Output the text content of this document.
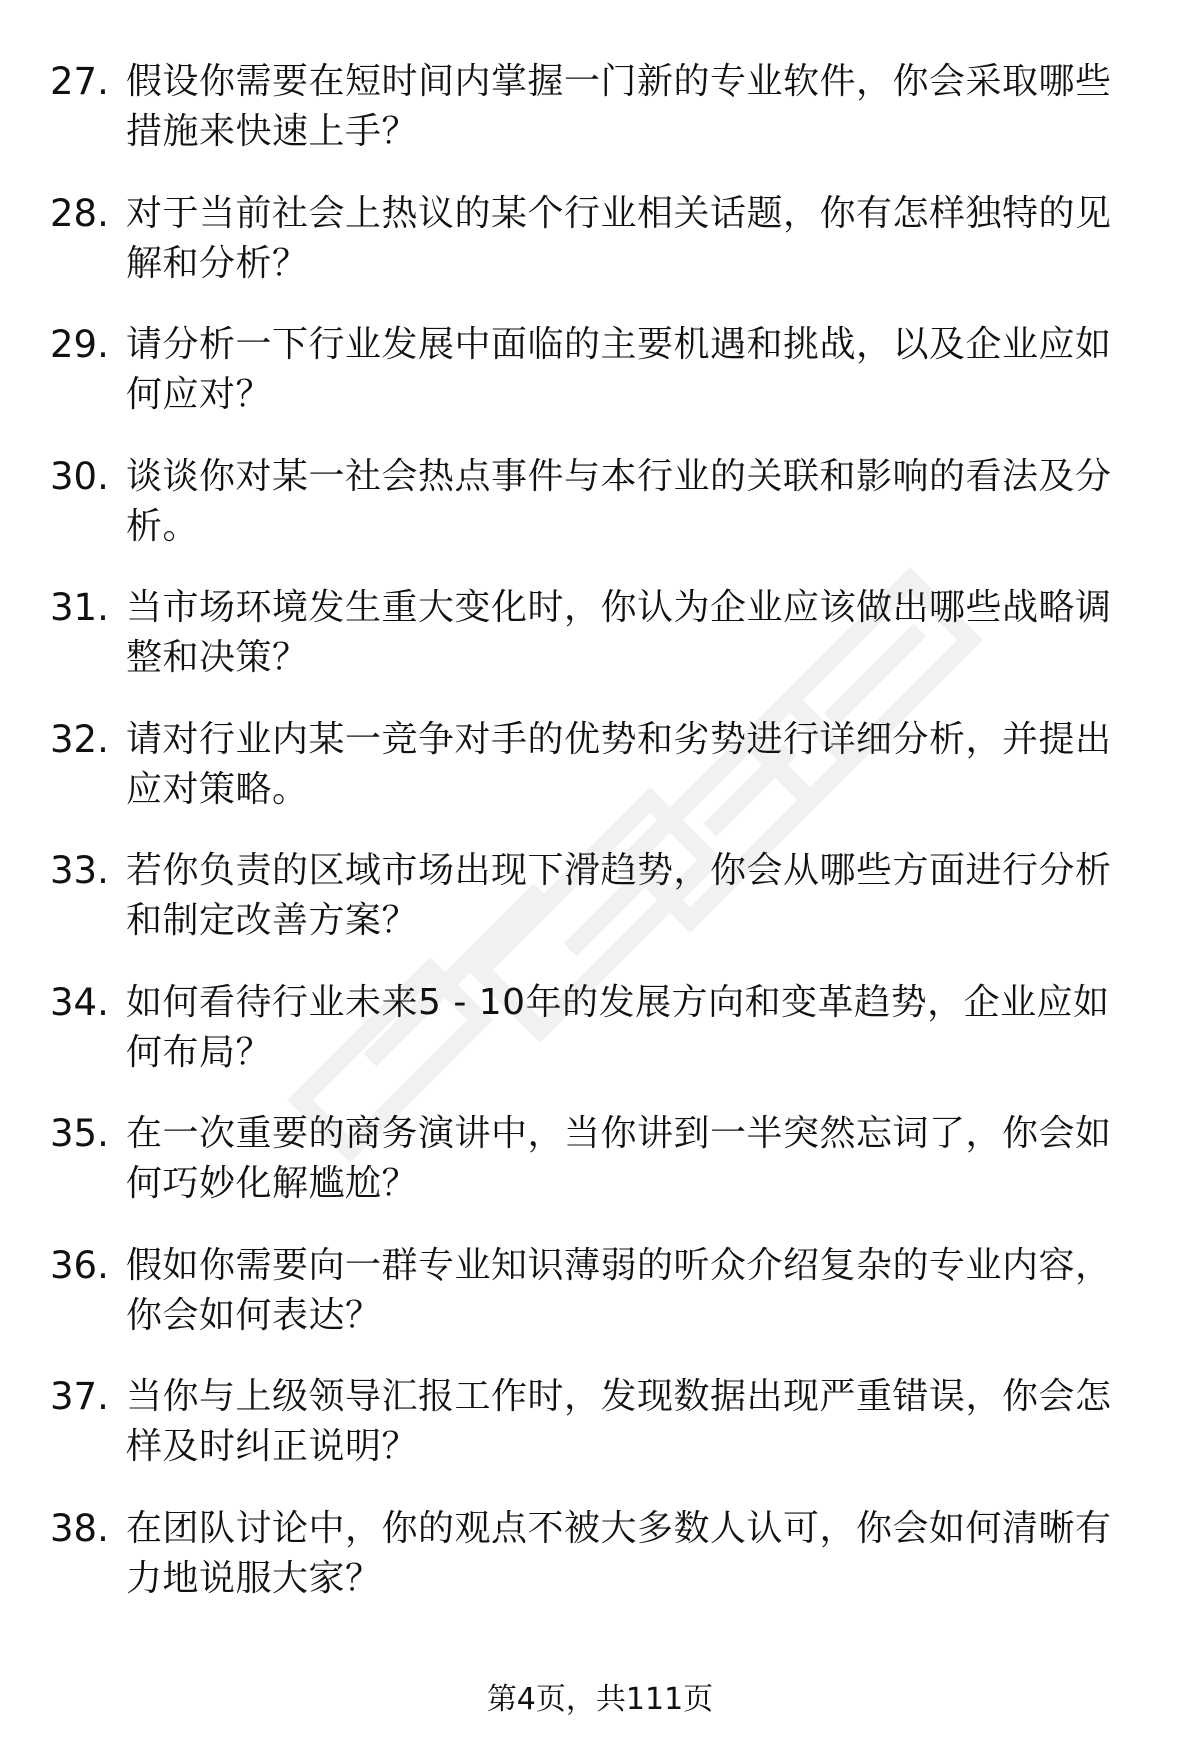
27. 假设你需要在短时间内掌握一门新的专业软件，你会采取哪些措施来快速上手？
28. 对于当前社会上热议的某个行业相关话题，你有怎样独特的见解和分析？
29. 请分析一下行业发展中面临的主要机遇和挑战，以及企业应如何应对？
30. 谈谈你对某一社会热点事件与本行业的关联和影响的看法及分析。
31. 当市场环境发生重大变化时，你认为企业应该做出哪些战略调整和决策？
32. 请对行业内某一竞争对手的优势和劣势进行详细分析，并提出应对策略。
33. 若你负责的区域市场出现下滑趋势，你会从哪些方面进行分析和制定改善方案？
34. 如何看待行业未来5 - 10年的发展方向和变革趋势，企业应如何布局？
35. 在一次重要的商务演讲中，当你讲到一半突然忘词了，你会如何巧妙化解尴尬？
36. 假如你需要向一群专业知识薄弱的听众介绍复杂的专业内容，你会如何表达？
37. 当你与上级领导汇报工作时，发现数据出现严重错误，你会怎样及时纠正说明？
38. 在团队讨论中，你的观点不被大多数人认可，你会如何清晰有力地说服大家？
第4页，共111页
